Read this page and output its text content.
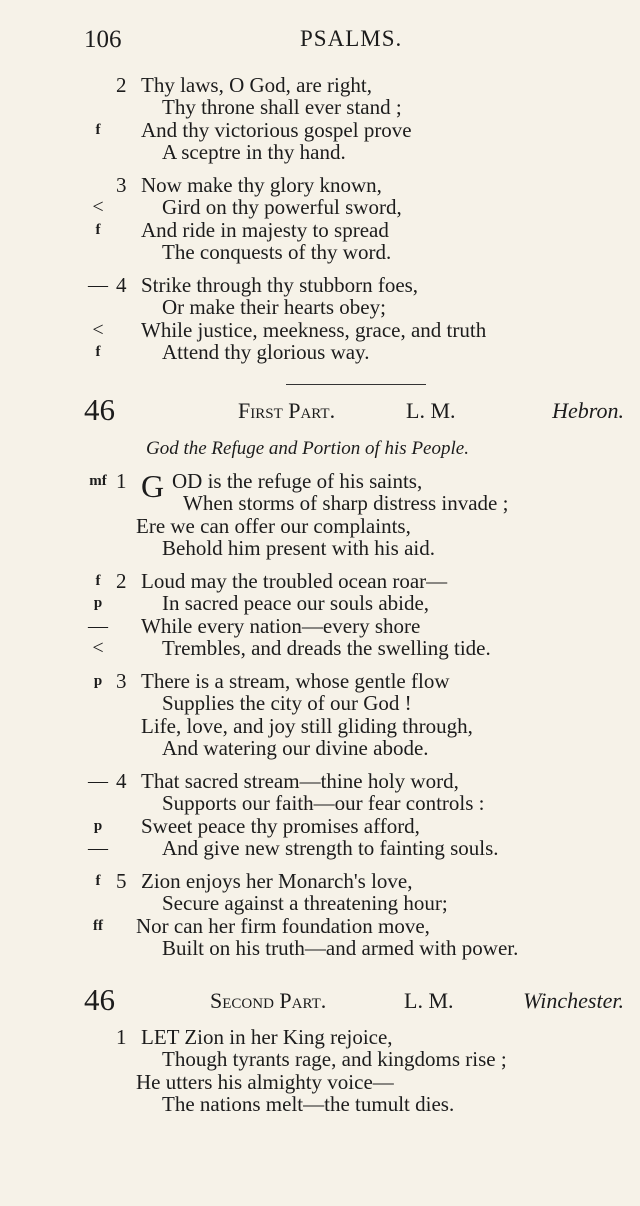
106	PSALMS.
2 Thy laws, O God, are right,
Thy throne shall ever stand ;
f	And thy victorious gospel prove
A sceptre in thy hand.
3 Now make thy glory known,
<	Gird on thy powerful sword,
f	And ride in majesty to spread
The conquests of thy word.
— 4 Strike through thy stubborn foes,
Or make their hearts obey;
<	While justice, meekness, grace, and truth
f	Attend thy glorious way.
46	First Part.	L. M.	Hebron.
God the Refuge and Portion of his People.
G
mf 1 OD is the refuge of his saints,
When storms of sharp distress invade ;
Ere we can offer our complaints,
Behold him present with his aid.
f 2 Loud may the troubled ocean roar—
p	In sacred peace our souls abide,
— While every nation—every shore
<	Trembles, and dreads the swelling tide.
p 3 There is a stream, whose gentle flow
Supplies the city of our God !
Life, love, and joy still gliding through,
And watering our divine abode.
— 4 That sacred stream—thine holy word,
Supports our faith—our fear controls :
p	Sweet peace thy promises afford,
—	And give new strength to fainting souls.
f 5 Zion enjoys her Monarch's love,
Secure against a threatening hour;
ff	Nor can her firm foundation move,
Built on his truth—and armed with power.
46	Second Part.	L. M.	Winchester.
1 LET Zion in her King rejoice,
Though tyrants rage, and kingdoms rise ;
He utters his almighty voice—
The nations melt—the tumult dies.
